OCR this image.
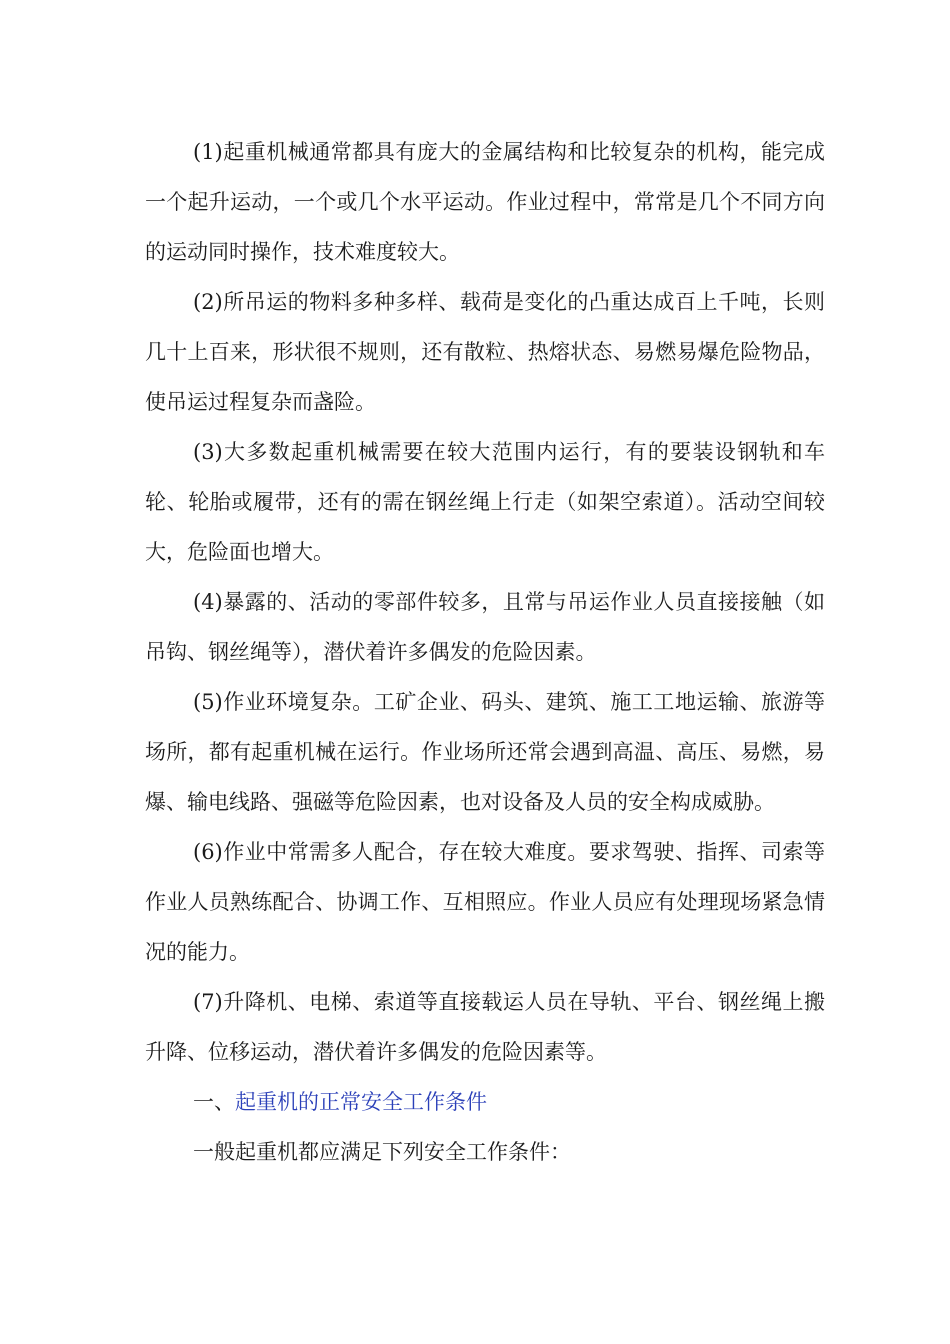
(1)起重机械通常都具有庞大的金属结构和比较复杂的机构，能完成一个起升运动，一个或几个水平运动。作业过程中，常常是几个不同方向的运动同时操作，技术难度较大。

(2)所吊运的物料多种多样、载荷是变化的凸重达成百上千吨，长则几十上百来，形状很不规则，还有散粒、热熔状态、易燃易爆危险物品，使吊运过程复杂而盏险。

(3)大多数起重机械需要在较大范围内运行，有的要装设钢轨和车轮、轮胎或履带，还有的需在钢丝绳上行走（如架空索道）。活动空间较大，危险面也增大。

(4)暴露的、活动的零部件较多，且常与吊运作业人员直接接触（如吊钩、钢丝绳等），潜伏着许多偶发的危险因素。

(5)作业环境复杂。工矿企业、码头、建筑、施工工地运输、旅游等场所，都有起重机械在运行。作业场所还常会遇到高温、高压、易燃，易爆、输电线路、强磁等危险因素，也对设备及人员的安全构成威胁。

(6)作业中常需多人配合，存在较大难度。要求驾驶、指挥、司索等作业人员熟练配合、协调工作、互相照应。作业人员应有处理现场紧急情况的能力。

(7)升降机、电梯、索道等直接载运人员在导轨、平台、钢丝绳上搬升降、位移运动，潜伏着许多偶发的危险因素等。

一、起重机的正常安全工作条件

一般起重机都应满足下列安全工作条件：
